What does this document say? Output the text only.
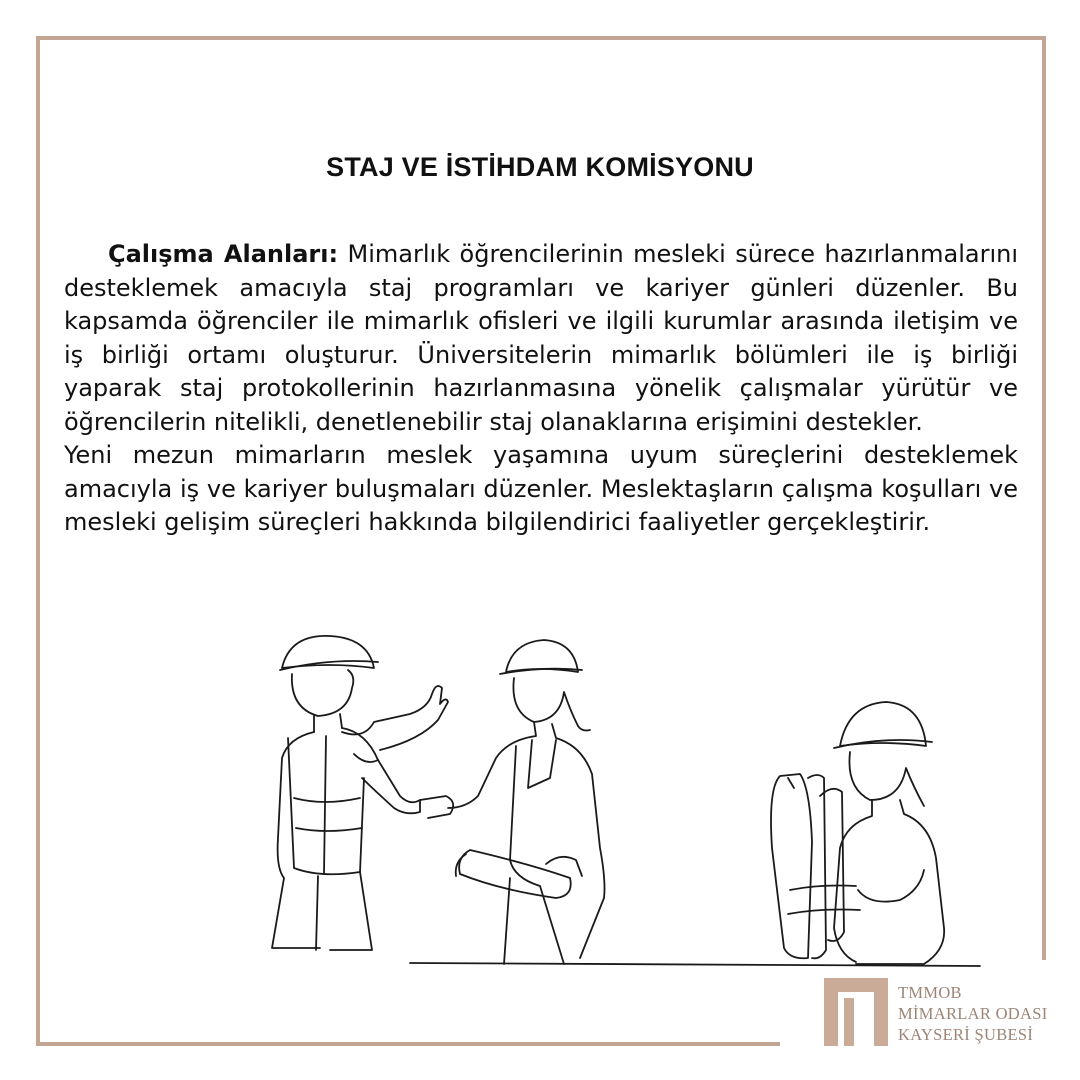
STAJ VE İSTİHDAM KOMİSYONU

Çalışma Alanları: Mimarlık öğrencilerinin mesleki sürece hazırlanmalarını desteklemek amacıyla staj programları ve kariyer günleri düzenler. Bu kapsamda öğrenciler ile mimarlık ofisleri ve ilgili kurumlar arasında iletişim ve iş birliği ortamı oluşturur. Üniversitelerin mimarlık bölümleri ile iş birliği yaparak staj protokollerinin hazırlanmasına yönelik çalışmalar yürütür ve öğrencilerin nitelikli, denetlenebilir staj olanaklarına erişimini destekler.

Yeni mezun mimarların meslek yaşamına uyum süreçlerini desteklemek amacıyla iş ve kariyer buluşmaları düzenler. Meslektaşların çalışma koşulları ve mesleki gelişim süreçleri hakkında bilgilendirici faaliyetler gerçekleştirir.

TMMOB
MİMARLAR ODASI
KAYSERİ ŞUBESİ
